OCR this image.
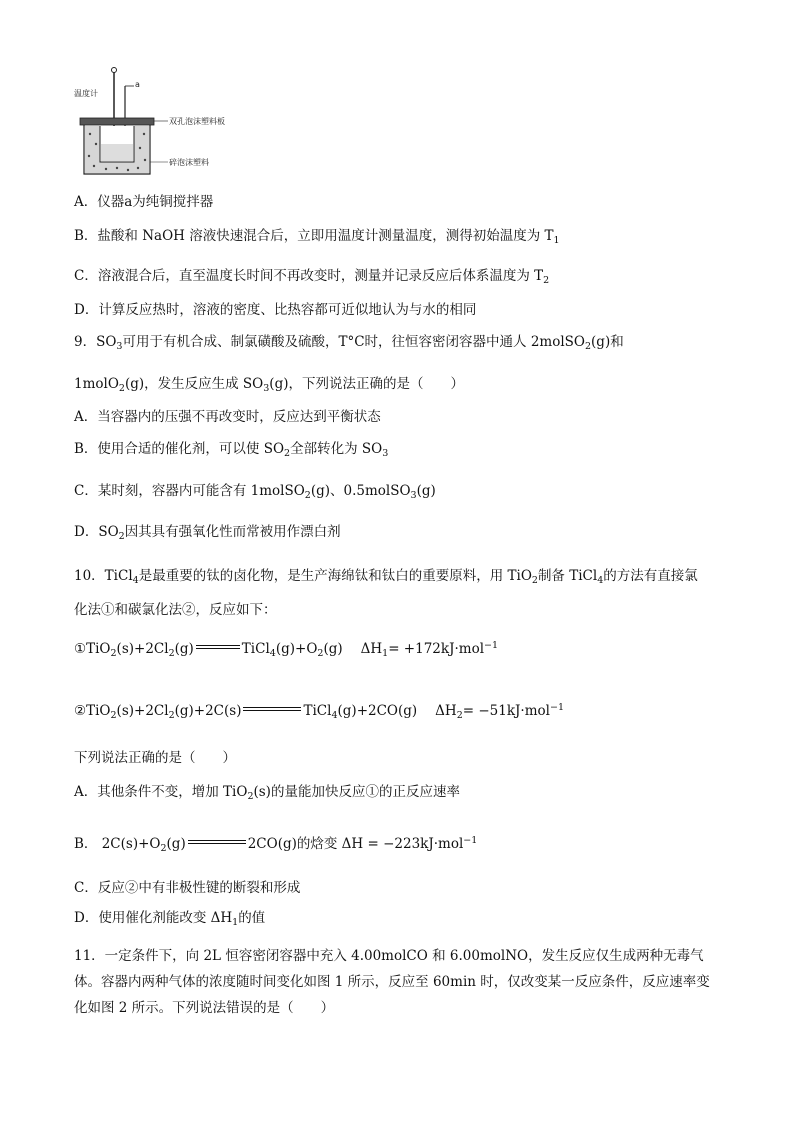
温度计
a
双孔泡沫塑料板
碎泡沫塑料
A．仪器a为纯铜搅拌器
B．盐酸和 NaOH 溶液快速混合后，立即用温度计测量温度，测得初始温度为 $T_1$
C．溶液混合后，直至温度长时间不再改变时，测量并记录反应后体系温度为 $T_2$
D．计算反应热时，溶液的密度、比热容都可近似地认为与水的相同
9．$SO_3$可用于有机合成、制氯磺酸及硫酸，T°C时，往恒容密闭容器中通人 2molSO$_2$(g)和
1molO$_2$(g)，发生反应生成 $SO_3(g)$，下列说法正确的是（　　）
A．当容器内的压强不再改变时，反应达到平衡状态
B．使用合适的催化剂，可以使 $SO_2$全部转化为 $SO_3$
C．某时刻，容器内可能含有 1molSO$_2$(g)、0.5molSO$_3$(g)
D．$SO_2$因其具有强氧化性而常被用作漂白剂
10．TiCl$_4$是最重要的钛的卤化物，是生产海绵钛和钛白的重要原料，用 TiO$_2$制备 TiCl$_4$的方法有直接氯
化法①和碳氯化法②，反应如下：
$①TiO_2(s)+2Cl_2(g)$	$TiCl_4(g)+O_2(g)$ $\Delta H_1= +172kJ\cdot mol^{-1}$
$②TiO_2(s)+2Cl_2(g)+2C(s)$	TiCl$_4$(g)+2CO(g) $\Delta H_2= -51kJ\cdot mol^{-1}$
下列说法正确的是（　　）
A．其他条件不变，增加 TiO$_2$(s)的量能加快反应①的正反应速率
B． $2C(s)+O_2(g)$	2CO(g)的焓变 ΔH = −223kJ·mol$^{-1}$
C．反应②中有非极性键的断裂和形成
D．使用催化剂能改变 $\Delta H_1$的值
11．一定条件下，向 2L 恒容密闭容器中充入 4.00molCO 和 6.00molNO，发生反应仅生成两种无毒气
体。容器内两种气体的浓度随时间变化如图 1 所示，反应至 60min 时，仅改变某一反应条件，反应速率变
化如图 2 所示。下列说法错误的是（　　）
